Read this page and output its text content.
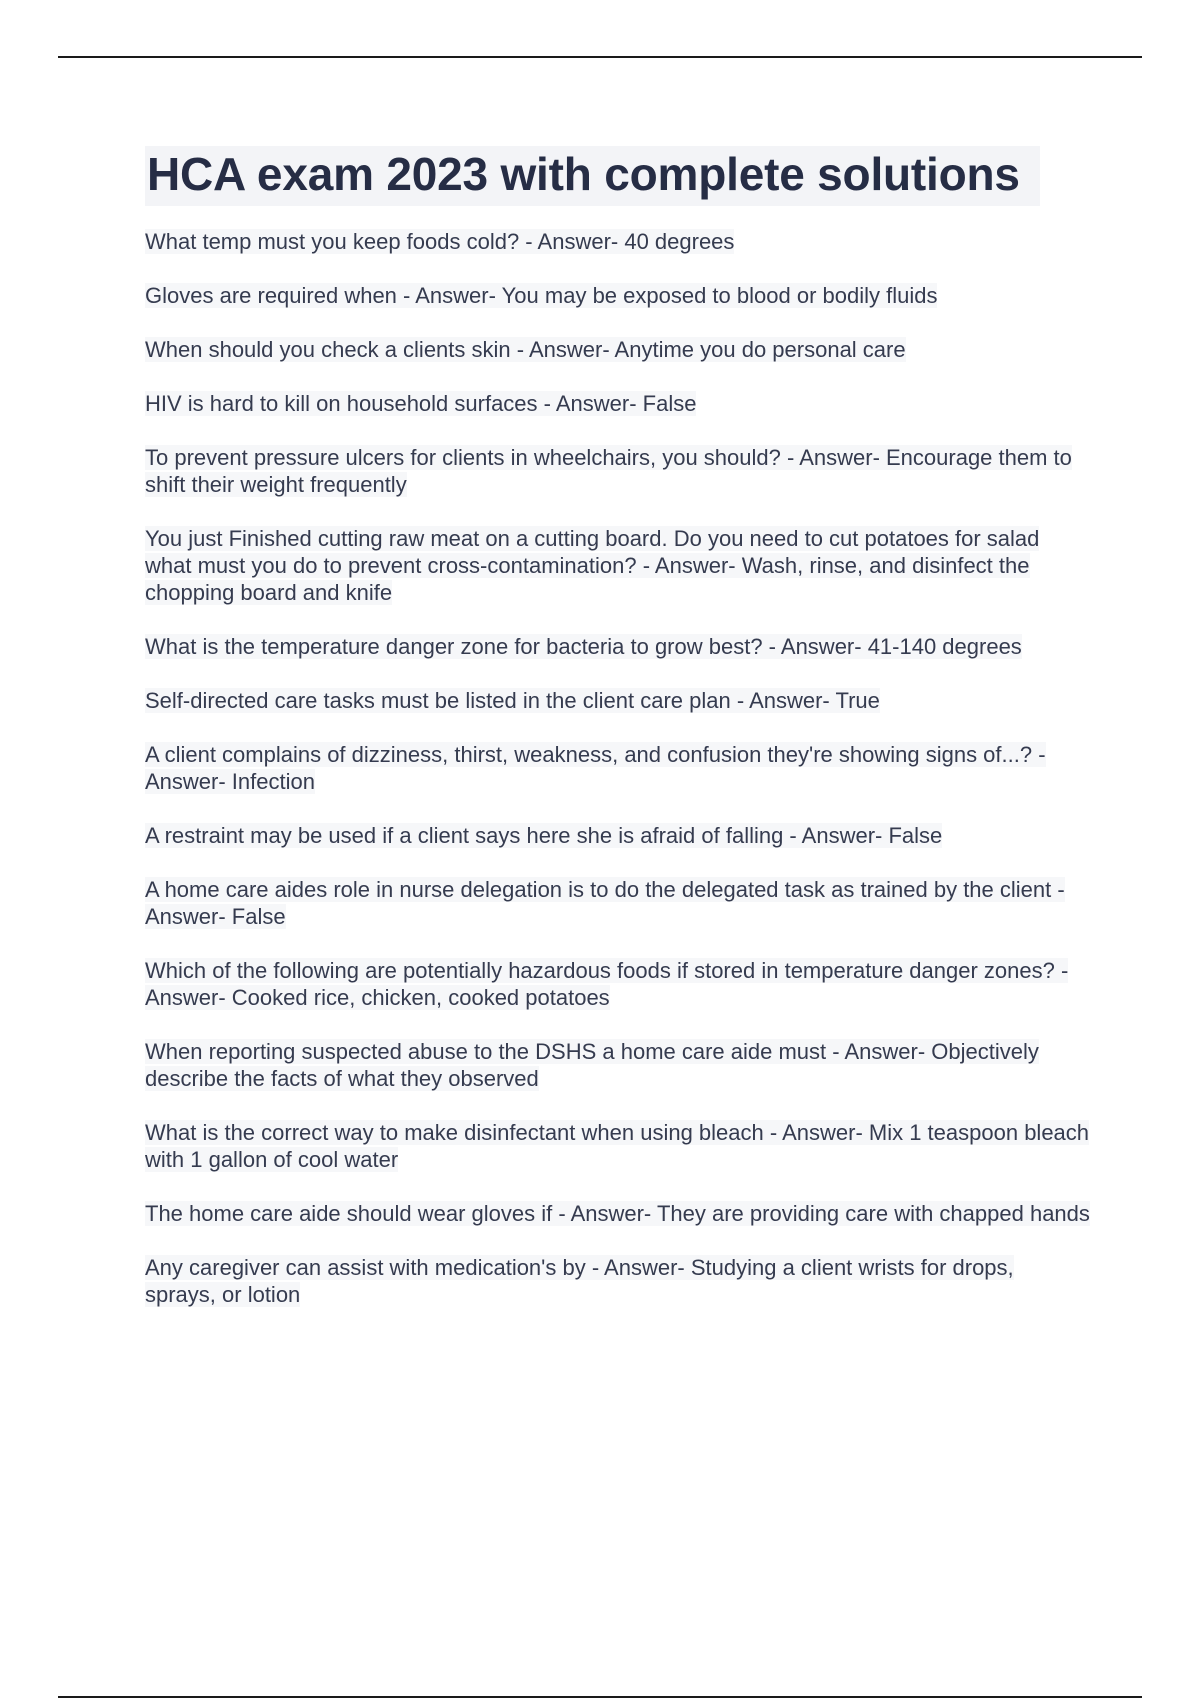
HCA exam 2023 with complete solutions
What temp must you keep foods cold? - Answer- 40 degrees
Gloves are required when - Answer- You may be exposed to blood or bodily fluids
When should you check a clients skin - Answer- Anytime you do personal care
HIV is hard to kill on household surfaces - Answer- False
To prevent pressure ulcers for clients in wheelchairs, you should? - Answer- Encourage them to shift their weight frequently
You just Finished cutting raw meat on a cutting board. Do you need to cut potatoes for salad what must you do to prevent cross-contamination? - Answer- Wash, rinse, and disinfect the chopping board and knife
What is the temperature danger zone for bacteria to grow best? - Answer- 41-140 degrees
Self-directed care tasks must be listed in the client care plan - Answer- True
A client complains of dizziness, thirst, weakness, and confusion they're showing signs of...? - Answer- Infection
A restraint may be used if a client says here she is afraid of falling - Answer- False
A home care aides role in nurse delegation is to do the delegated task as trained by the client - Answer- False
Which of the following are potentially hazardous foods if stored in temperature danger zones? - Answer- Cooked rice, chicken, cooked potatoes
When reporting suspected abuse to the DSHS a home care aide must - Answer- Objectively describe the facts of what they observed
What is the correct way to make disinfectant when using bleach - Answer- Mix 1 teaspoon bleach with 1 gallon of cool water
The home care aide should wear gloves if - Answer- They are providing care with chapped hands
Any caregiver can assist with medication's by - Answer- Studying a client wrists for drops, sprays, or lotion
